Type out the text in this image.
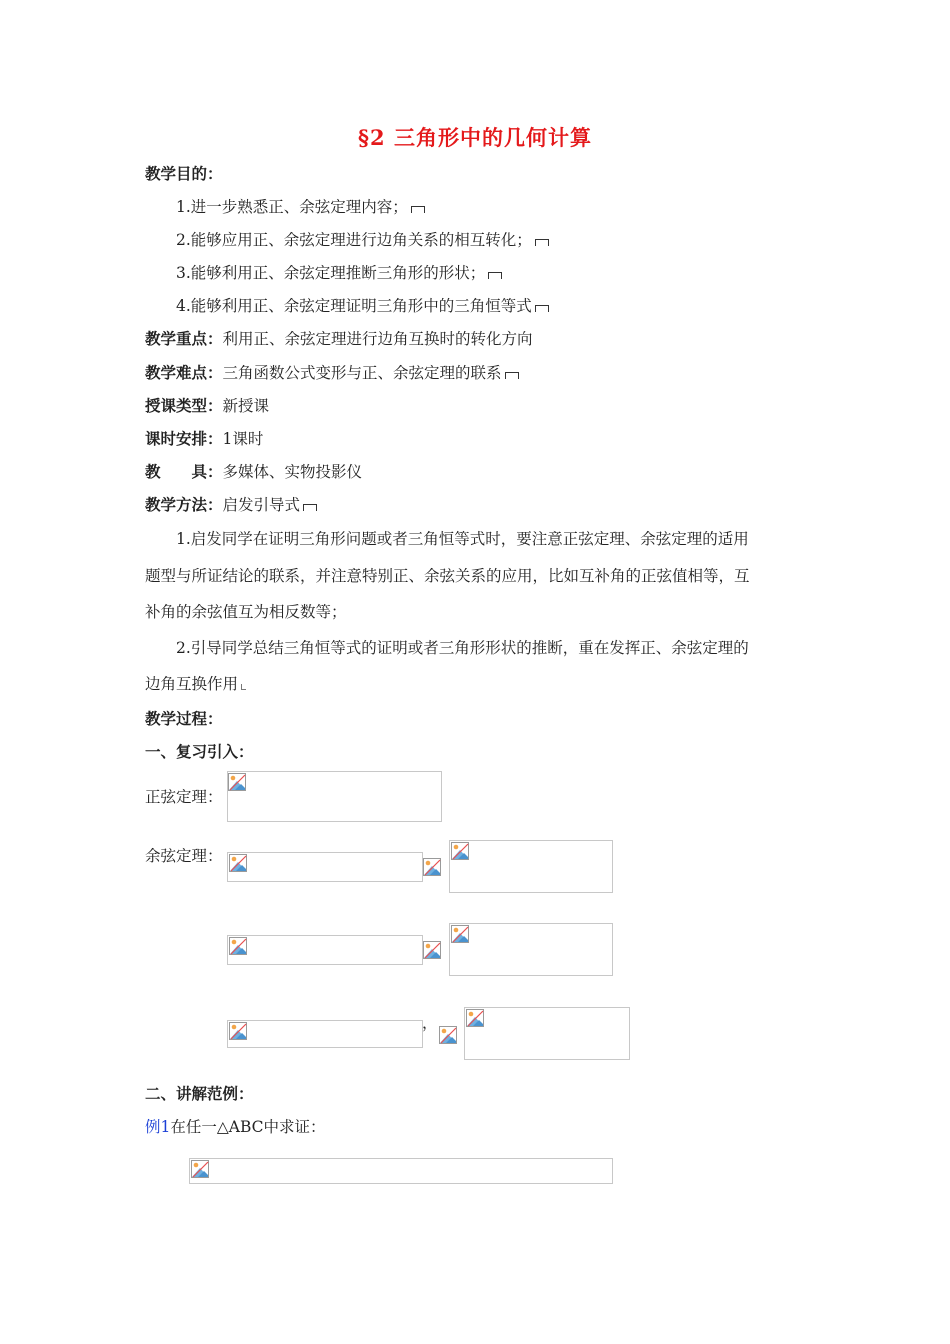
§2 三角形中的几何计算
教学目的：
1.进一步熟悉正、余弦定理内容；
2.能够应用正、余弦定理进行边角关系的相互转化；
3.能够利用正、余弦定理推断三角形的形状；
4.能够利用正、余弦定理证明三角形中的三角恒等式
教学重点：利用正、余弦定理进行边角互换时的转化方向
教学难点：三角函数公式变形与正、余弦定理的联系
授课类型：新授课
课时安排：1课时
教 具：多媒体、实物投影仪
教学方法：启发引导式
1.启发同学在证明三角形问题或者三角恒等式时，要注意正弦定理、余弦定理的适用
题型与所证结论的联系，并注意特别正、余弦关系的应用，比如互补角的正弦值相等，互
补角的余弦值互为相反数等；
2.引导同学总结三角恒等式的证明或者三角形形状的推断，重在发挥正、余弦定理的
边角互换作用
教学过程：
一、复习引入：
正弦定理：
余弦定理：
，
二、讲解范例：
例1在任一△ABC中求证：
